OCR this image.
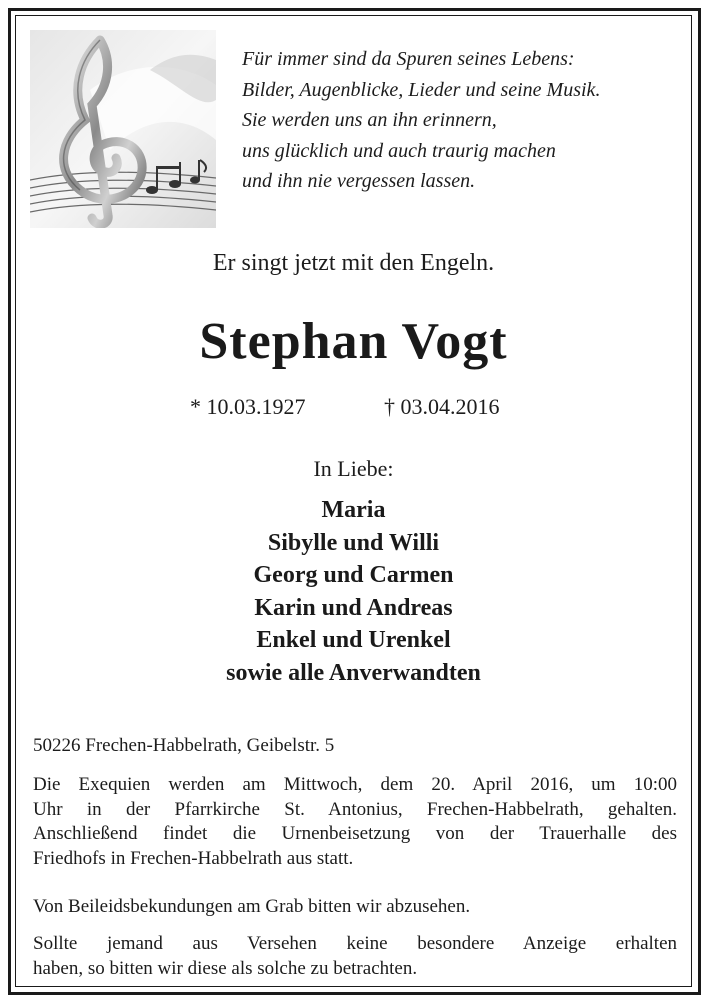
Für immer sind da Spuren seines Lebens:
Bilder, Augenblicke, Lieder und seine Musik.
Sie werden uns an ihn erinnern,
uns glücklich und auch traurig machen
und ihn nie vergessen lassen.
Er singt jetzt mit den Engeln.
Stephan Vogt
* 10.03.1927	† 03.04.2016
In Liebe:
Maria
Sibylle und Willi
Georg und Carmen
Karin und Andreas
Enkel und Urenkel
sowie alle Anverwandten
50226 Frechen-Habbelrath, Geibelstr. 5
Die Exequien werden am Mittwoch, dem 20. April 2016, um 10:00
Uhr in der Pfarrkirche St. Antonius, Frechen-Habbelrath, gehalten.
Anschließend findet die Urnenbeisetzung von der Trauerhalle des
Friedhofs in Frechen-Habbelrath aus statt.
Von Beileidsbekundungen am Grab bitten wir abzusehen.
Sollte jemand aus Versehen keine besondere Anzeige erhalten
haben, so bitten wir diese als solche zu betrachten.
